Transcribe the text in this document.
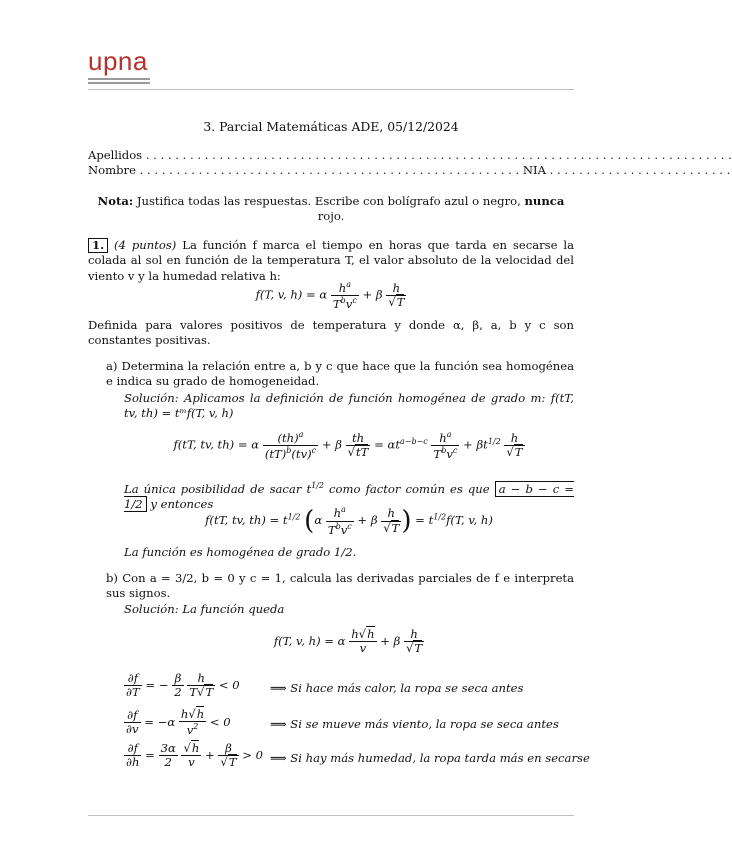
upna
3. Parcial Matemáticas ADE, 05/12/2024
Apellidos . . . . . . . . . . . . . . . . . . . . . . . . . . . . . . . . . . . . . . . . . . . . . . . . . . . . . . . . . . . . . . . . . . . . . . . . . . . . . . . .
Nombre . . . . . . . . . . . . . . . . . . . . . . . . . . . . . . . . . . . . . . . . . . . . . . . . . . . . NIA . . . . . . . . . . . . . . . . . . . . . . . . .
Nota: Justifica todas las respuestas. Escribe con bolígrafo azul o negro, nunca rojo.
1. (4 puntos) La función f marca el tiempo en horas que tarda en secarse la colada al sol en función de la temperatura T, el valor absoluto de la velocidad del viento v y la humedad relativa h:
f(T, v, h) = α $\frac{h^a}{T^bv^c} + \beta \frac{h}{√T}$
Definida para valores positivos de temperatura y donde α, β, a, b y c son constantes positivas.
a) Determina la relación entre a, b y c que hace que la función sea homogénea e indica su grado de homogeneidad.
Solución: Aplicamos la definición de función homogénea de grado m: f(tT, tv, th) = tᵐf(T, v, h)
f(tT, tv, th) = α $\frac{(th)^a}{(tT)^b(tv)^c} + \beta \frac{th}{√tT} = \alpha t^{a-b-c} \frac{h^a}{T^bv^c} + \beta t^{1/2} \frac{h}{√T}$
La única posibilidad de sacar $t^{1/2}$ como factor común es que a − b − c = 1/2 y entonces
f(tT, tv, $th) = t^{1/2}$ ($\alpha \frac{h^a}{T^bv^c} + \beta \frac{h}{√T}$ ) = $t^{1/2}f(T$, v, h)
La función es homogénea de grado 1/2.
b) Con a = 3/2, b = 0 y c = 1, calcula las derivadas parciales de f e interpreta sus signos.
Solución: La función queda
f(T, v, h) = α $\frac{h√h}{v} + \beta \frac{h}{√T}$
$\frac{\partial f}{\partial T}$ = − $\frac{\beta}{2}$
$\frac{h}{T√T} < 0$	⟹ Si hace más calor, la ropa se seca antes
$\frac{\partial f}{\partial v} = -\alpha \frac{h√h}{v^2} < 0$	⟹ Si se mueve más viento, la ropa se seca antes
$\frac{\partial f}{\partial h} = \frac{3\alpha}{2}$
$\frac{√h}{v} + \frac{\beta}{√T} > 0$ ⟹ Si hay más humedad, la ropa tarda más en secarse
